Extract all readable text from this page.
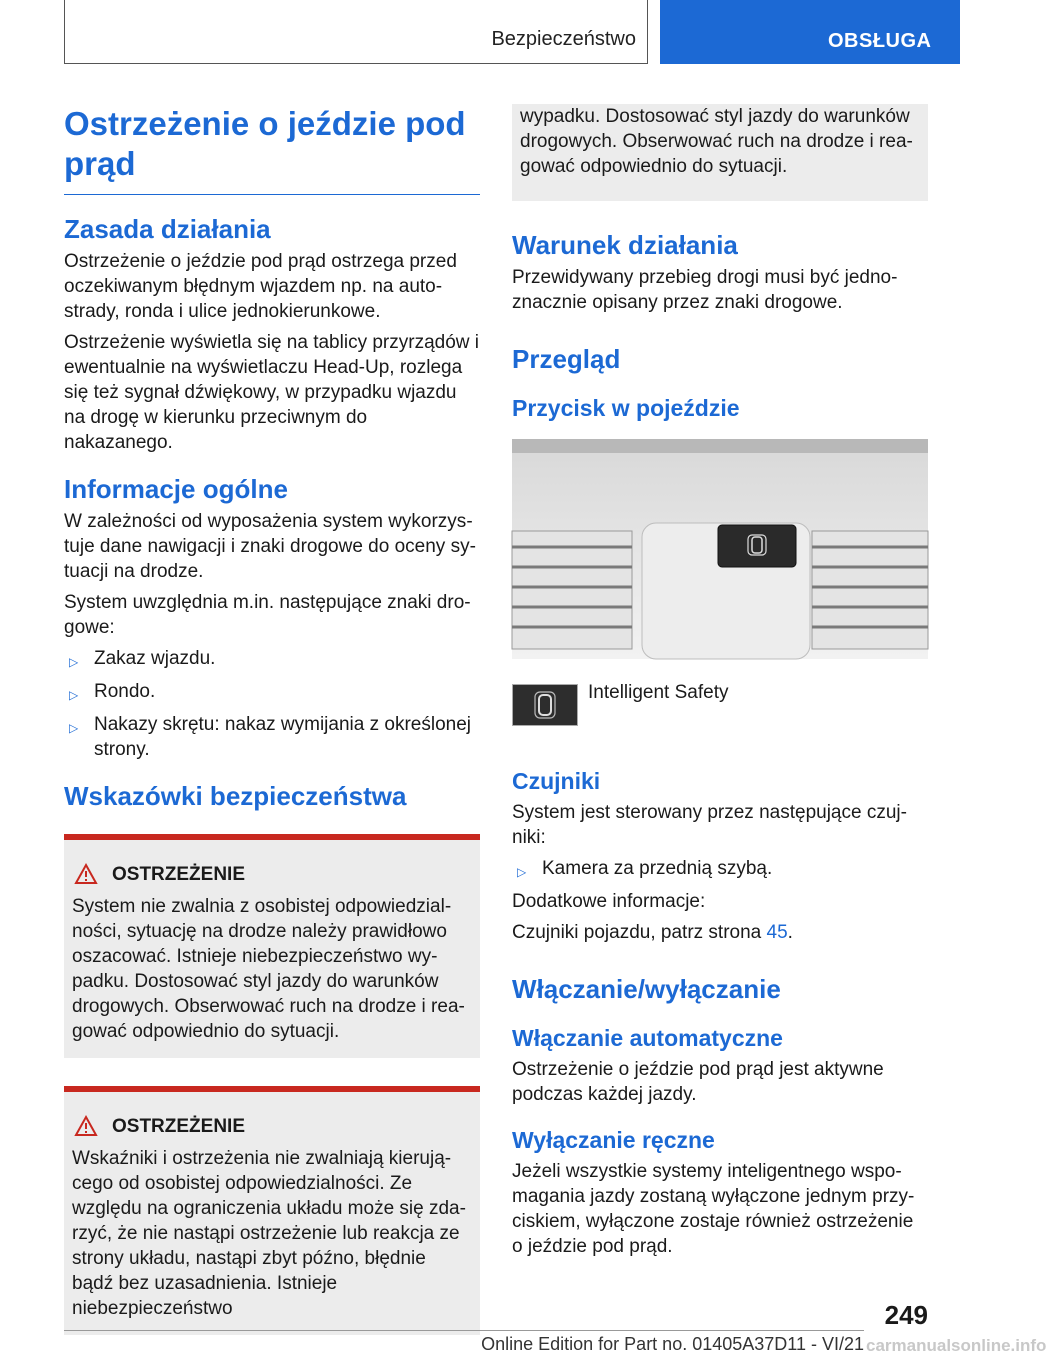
Bezpieczeństwo	OBSŁUGA
Ostrzeżenie o jeździe pod prąd
Zasada działania

Ostrzeżenie o jeździe pod prąd ostrzega przed oczekiwanym błędnym wjazdem np. na autostrady, ronda i ulice jednokierunkowe.

Ostrzeżenie wyświetla się na tablicy przyrządów i ewentualnie na wyświetlaczu Head-Up, rozlega się też sygnał dźwiękowy, w przypadku wjazdu na drogę w kierunku przeciwnym do nakazanego.

Informacje ogólne

W zależności od wyposażenia system wykorzystuje dane nawigacji i znaki drogowe do oceny sytuacji na drodze.

System uwzględnia m.in. następujące znaki drogowe:

▷ Zakaz wjazdu.
▷ Rondo.
▷ Nakazy skrętu: nakaz wymijania z określonej strony.
Wskazówki bezpieczeństwa
OSTRZEŻENIE

System nie zwalnia z osobistej odpowiedzialności, sytuację na drodze należy prawidłowo oszacować. Istnieje niebezpieczeństwo wypadku. Dostosować styl jazdy do warunków drogowych. Obserwować ruch na drodze i reagować odpowiednio do sytuacji.

OSTRZEŻENIE

Wskaźniki i ostrzeżenia nie zwalniają kierującego od osobistej odpowiedzialności. Ze względu na ograniczenia układu może się zdarzyć, że nie nastąpi ostrzeżenie lub reakcja ze strony układu, nastąpi zbyt późno, błędnie bądź bez uzasadnienia. Istnieje niebezpieczeństwo

wypadku. Dostosować styl jazdy do warunków drogowych. Obserwować ruch na drodze i reagować odpowiednio do sytuacji.

Warunek działania

Przewidywany przebieg drogi musi być jednoznacznie opisany przez znaki drogowe.

Przegląd
Przycisk w pojeździe

Intelligent Safety

Czujniki

System jest sterowany przez następujące czujniki:

▷ Kamera za przednią szybą.

Dodatkowe informacje:

Czujniki pojazdu, patrz strona 45.

Włączanie/wyłączanie
Włączanie automatyczne

Ostrzeżenie o jeździe pod prąd jest aktywne podczas każdej jazdy.

Wyłączanie ręczne

Jeżeli wszystkie systemy inteligentnego wspomagania jazdy zostaną wyłączone jednym przyciskiem, wyłączone zostaje również ostrzeżenie o jeździe pod prąd.

249
Online Edition for Part no. 01405A37D11 - VI/21 carmanualsonline.info
